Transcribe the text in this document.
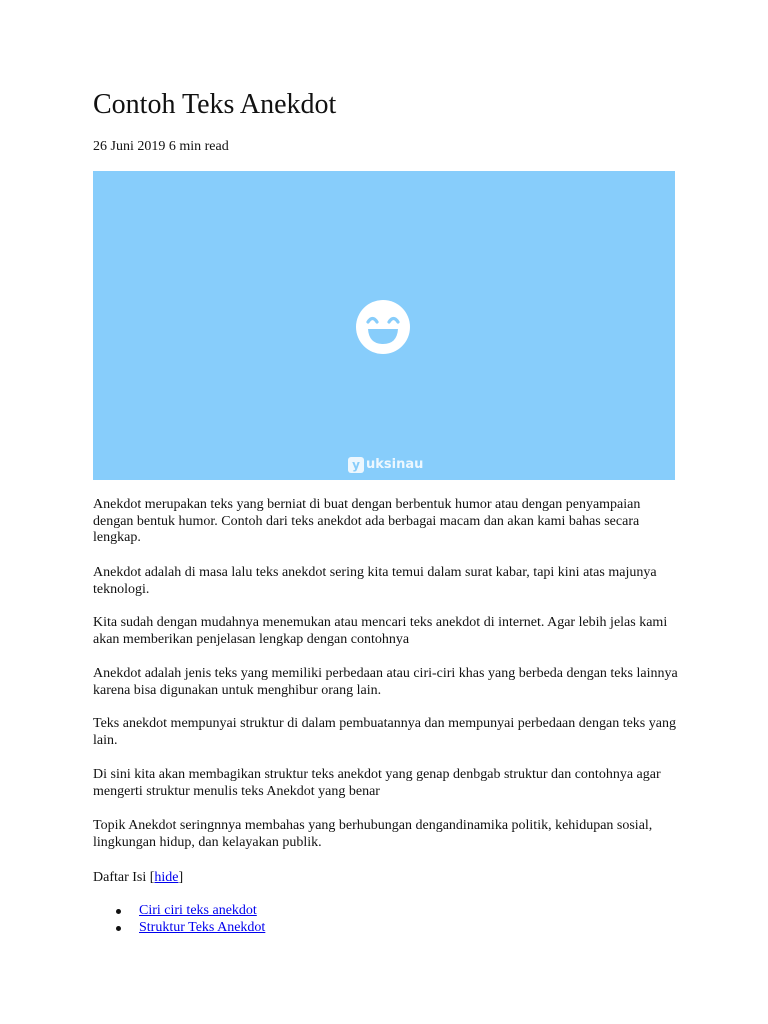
Contoh Teks Anekdot
26 Juni 2019 6 min read
y uksinau

Anekdot merupakan teks yang berniat di buat dengan berbentuk humor atau dengan penyampaian dengan bentuk humor. Contoh dari teks anekdot ada berbagai macam dan akan kami bahas secara lengkap.

Anekdot adalah di masa lalu teks anekdot sering kita temui dalam surat kabar, tapi kini atas majunya teknologi.

Kita sudah dengan mudahnya menemukan atau mencari teks anekdot di internet. Agar lebih jelas kami akan memberikan penjelasan lengkap dengan contohnya

Anekdot adalah jenis teks yang memiliki perbedaan atau ciri-ciri khas yang berbeda dengan teks lainnya karena bisa digunakan untuk menghibur orang lain.

Teks anekdot mempunyai struktur di dalam pembuatannya dan mempunyai perbedaan dengan teks yang lain.

Di sini kita akan membagikan struktur teks anekdot yang genap denbgab struktur dan contohnya agar mengerti struktur menulis teks Anekdot yang benar

Topik Anekdot seringnnya membahas yang berhubungan dengandinamika politik, kehidupan sosial, lingkungan hidup, dan kelayakan publik.

Daftar Isi [hide]
Ciri ciri teks anekdot
Struktur Teks Anekdot
